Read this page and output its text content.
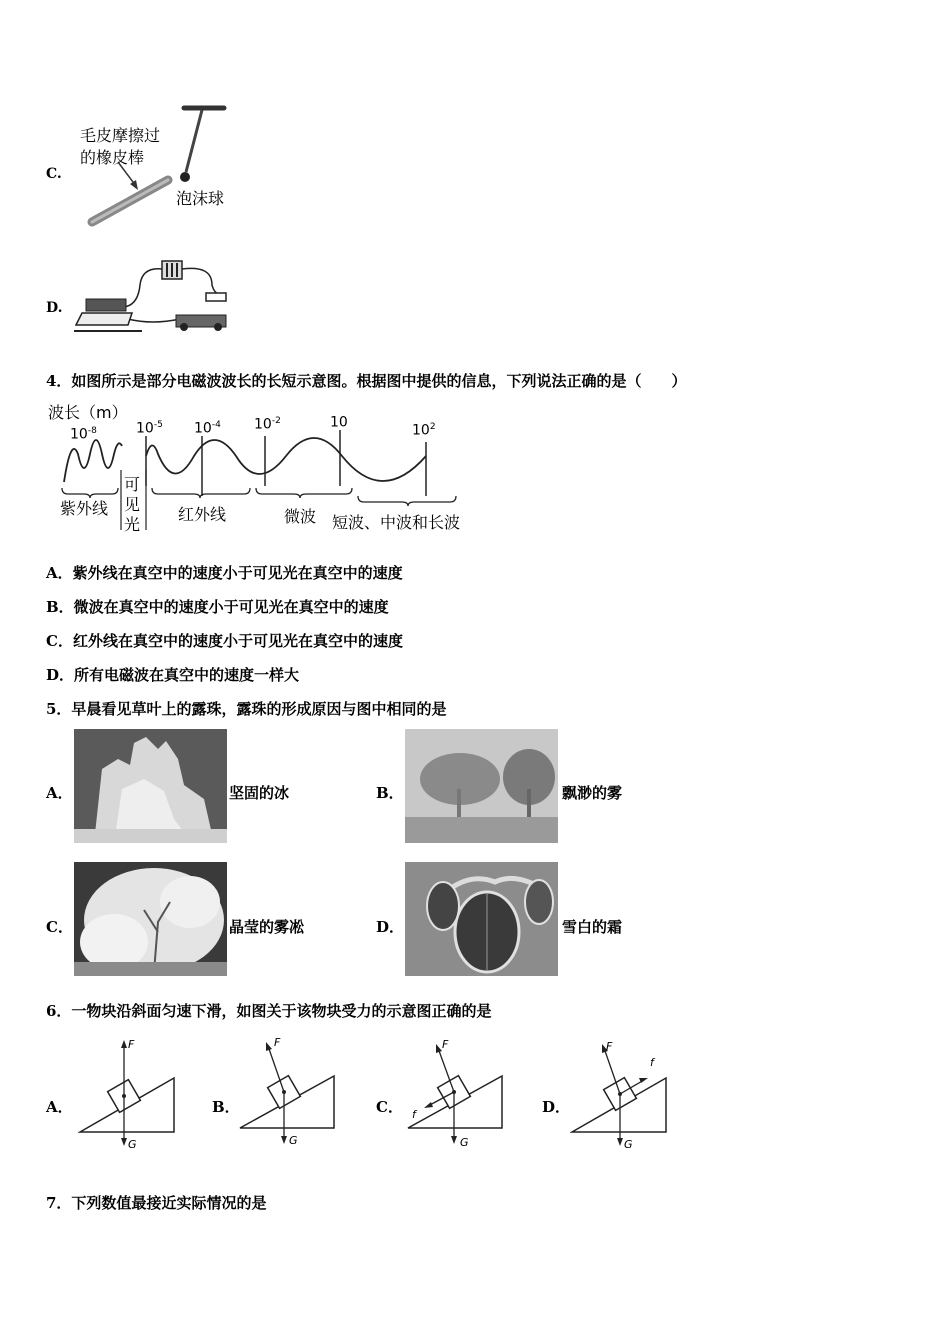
C.
毛皮摩擦过
的橡皮棒
泡沫球
D.
4．如图所示是部分电磁波波长的长短示意图。根据图中提供的信息，下列说法正确的是（　　）
波长（m）
$10^{-8}$	$10^{-5}$ $10^{-4}$ $10^{-2}$	10	$10^2$
紫外线
可
见
光
红外线	微波 短波、中波和长波
A．紫外线在真空中的速度小于可见光在真空中的速度
B．微波在真空中的速度小于可见光在真空中的速度
C．红外线在真空中的速度小于可见光在真空中的速度
D．所有电磁波在真空中的速度一样大
5．早晨看见草叶上的露珠，露珠的形成原因与图中相同的是
A．	坚固的冰	B．	飘渺的雾
C．	晶莹的雾凇	D．	雪白的霜
6．一物块沿斜面匀速下滑，如图关于该物块受力的示意图正确的是
A．
F
G
B．
F
G
C．
F
G
f	D．
F
G
f
7．下列数值最接近实际情况的是
